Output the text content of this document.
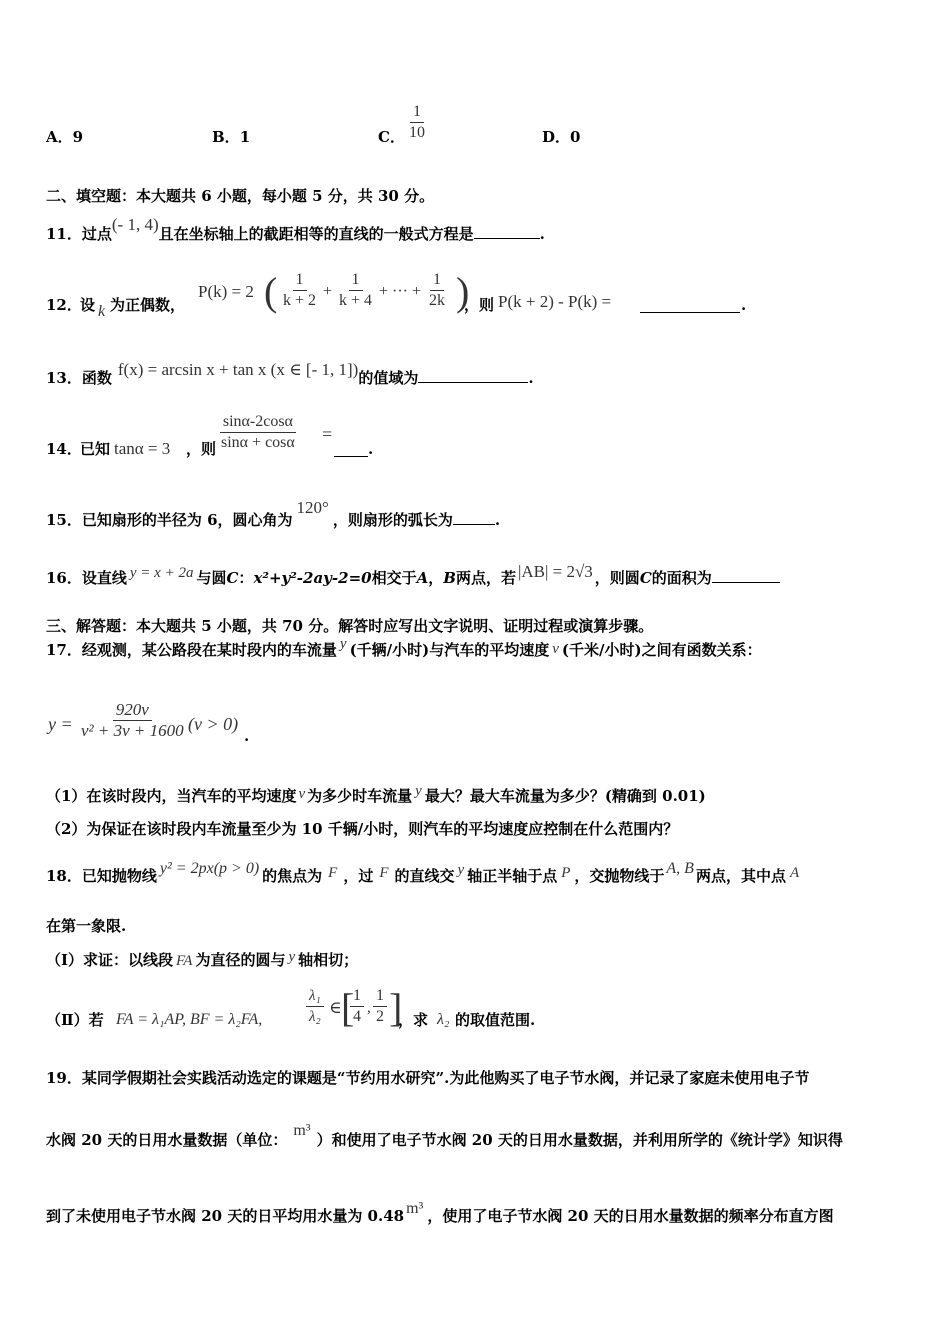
A．9	B．1	C． $\frac{1}{10}$	D．0
二、填空题：本大题共 6 小题，每小题 5 分，共 30 分。
11．过点(- 1, 4)且在坐标轴上的截距相等的直线的一般式方程是	.
12．
设 k 为正偶数，
P(k) = 2 ( $\frac{1}{k + 2} + \frac{1}{k + 4}$ + ··· + $\frac{1}{2k}$ )
，则 P(k + 2) - P(k) =	.
13．函数 f(x) = arcsin x + tan x (x ∈ [- 1, 1])的值域为	.
14．
已知 tanα = 3 ，则 $\frac{\sin\alpha-2\cos\alpha}{\sin\alpha + \cos\alpha}$ =
.
15．已知扇形的半径为 6，圆心角为120°，则扇形的弧长为	.
16．设直线 y = x + 2a 与圆C：x²+y²-2ay-2=0相交于A，B两点，若 |AB| = 2√3 ，则圆C的面积为
三、解答题：本大题共 5 小题，共 70 分。解答时应写出文字说明、证明过程或演算步骤。
17．经观测，某公路段在某时段内的车流量 y (千辆/小时)与汽车的平均速度 v (千米/小时)之间有函数关系：
$y = \frac{920v}{\text{v² + 3v + 1600}} (v > 0)$
.
（1）在该时段内，当汽车的平均速度 v 为多少时车流量 y 最大？最大车流量为多少？(精确到 0.01)
（2）为保证在该时段内车流量至少为 10 千辆/小时，则汽车的平均速度应控制在什么范围内？
18．已知抛物线 y² = 2px(p > 0) 的焦点为 F ，过 F 的直线交 y 轴正半轴于点 P ，交抛物线于 A, B 两点，其中点 A
在第一象限.
（Ⅰ）求证：以线段 FA 为直径的圆与 y 轴相切；
（Ⅱ）若 FA = λ₁AP, BF = λ₂FA,	$\frac{\text{λ₁}}{\text{λ₂}}$ ∈ [
$\frac{1}{4}$ , $\frac{1}{2}$ ]
，求 λ₂ 的取值范围.
19．某同学假期社会实践活动选定的课题是“节约用水研究”.为此他购买了电子节水阀，并记录了家庭未使用电子节
水阀 20 天的日用水量数据（单位：m³）和使用了电子节水阀 20 天的日用水量数据，并利用所学的《统计学》知识得
到了未使用电子节水阀 20 天的日平均用水量为 0.48 m³ ，使用了电子节水阀 20 天的日用水量数据的频率分布直方图
